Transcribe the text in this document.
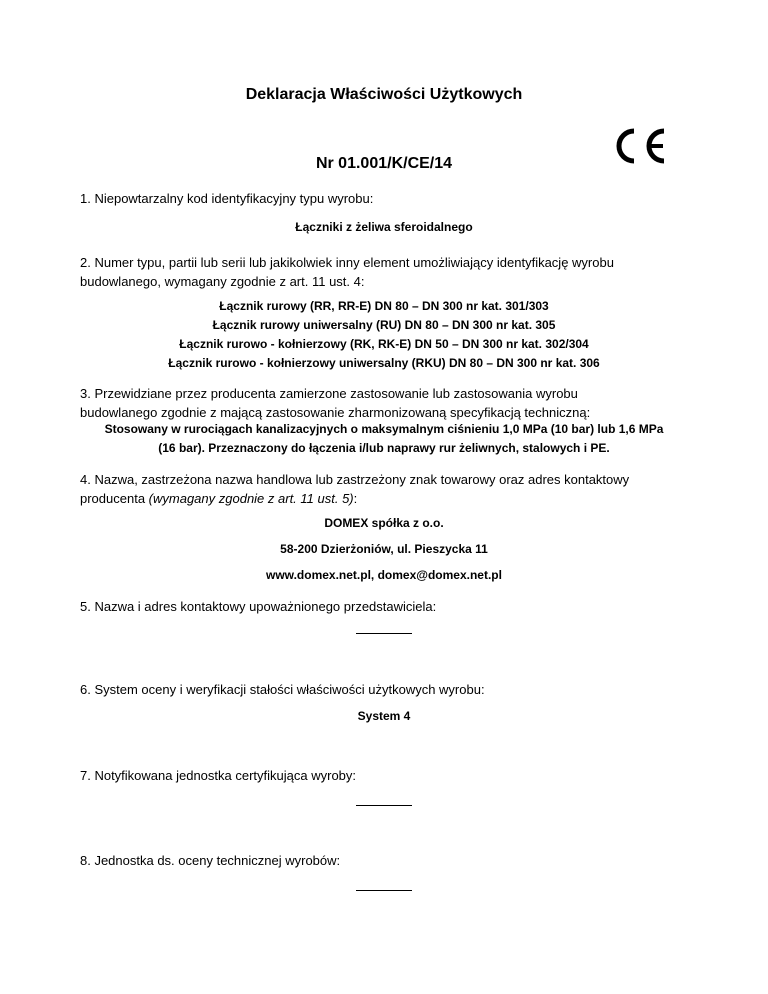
Deklaracja Właściwości Użytkowych
Nr 01.001/K/CE/14
1. Niepowtarzalny kod identyfikacyjny typu wyrobu:
Łączniki z żeliwa sferoidalnego
2. Numer typu, partii lub serii lub jakikolwiek inny element umożliwiający identyfikację wyrobu
budowlanego, wymagany zgodnie z art. 11 ust. 4:
Łącznik rurowy (RR, RR-E) DN 80 – DN 300 nr kat. 301/303
Łącznik rurowy uniwersalny (RU) DN 80 – DN 300 nr kat. 305
Łącznik rurowo - kołnierzowy (RK, RK-E) DN 50 – DN 300 nr kat. 302/304
Łącznik rurowo - kołnierzowy uniwersalny (RKU) DN 80 – DN 300 nr kat. 306
3. Przewidziane przez producenta zamierzone zastosowanie lub zastosowania wyrobu
budowlanego zgodnie z mającą zastosowanie zharmonizowaną specyfikacją techniczną:
Stosowany w rurociągach kanalizacyjnych o maksymalnym ciśnieniu 1,0 MPa (10 bar) lub 1,6 MPa
(16 bar). Przeznaczony do łączenia i/lub naprawy rur żeliwnych, stalowych i PE.
4. Nazwa, zastrzeżona nazwa handlowa lub zastrzeżony znak towarowy oraz adres kontaktowy
producenta (wymagany zgodnie z art. 11 ust. 5):
DOMEX spółka z o.o.
58-200 Dzierżoniów, ul. Pieszycka 11
www.domex.net.pl, domex@domex.net.pl
5. Nazwa i adres kontaktowy upoważnionego przedstawiciela:
6. System oceny i weryfikacji stałości właściwości użytkowych wyrobu:
System 4
7. Notyfikowana jednostka certyfikująca wyroby:
8. Jednostka ds. oceny technicznej wyrobów:
